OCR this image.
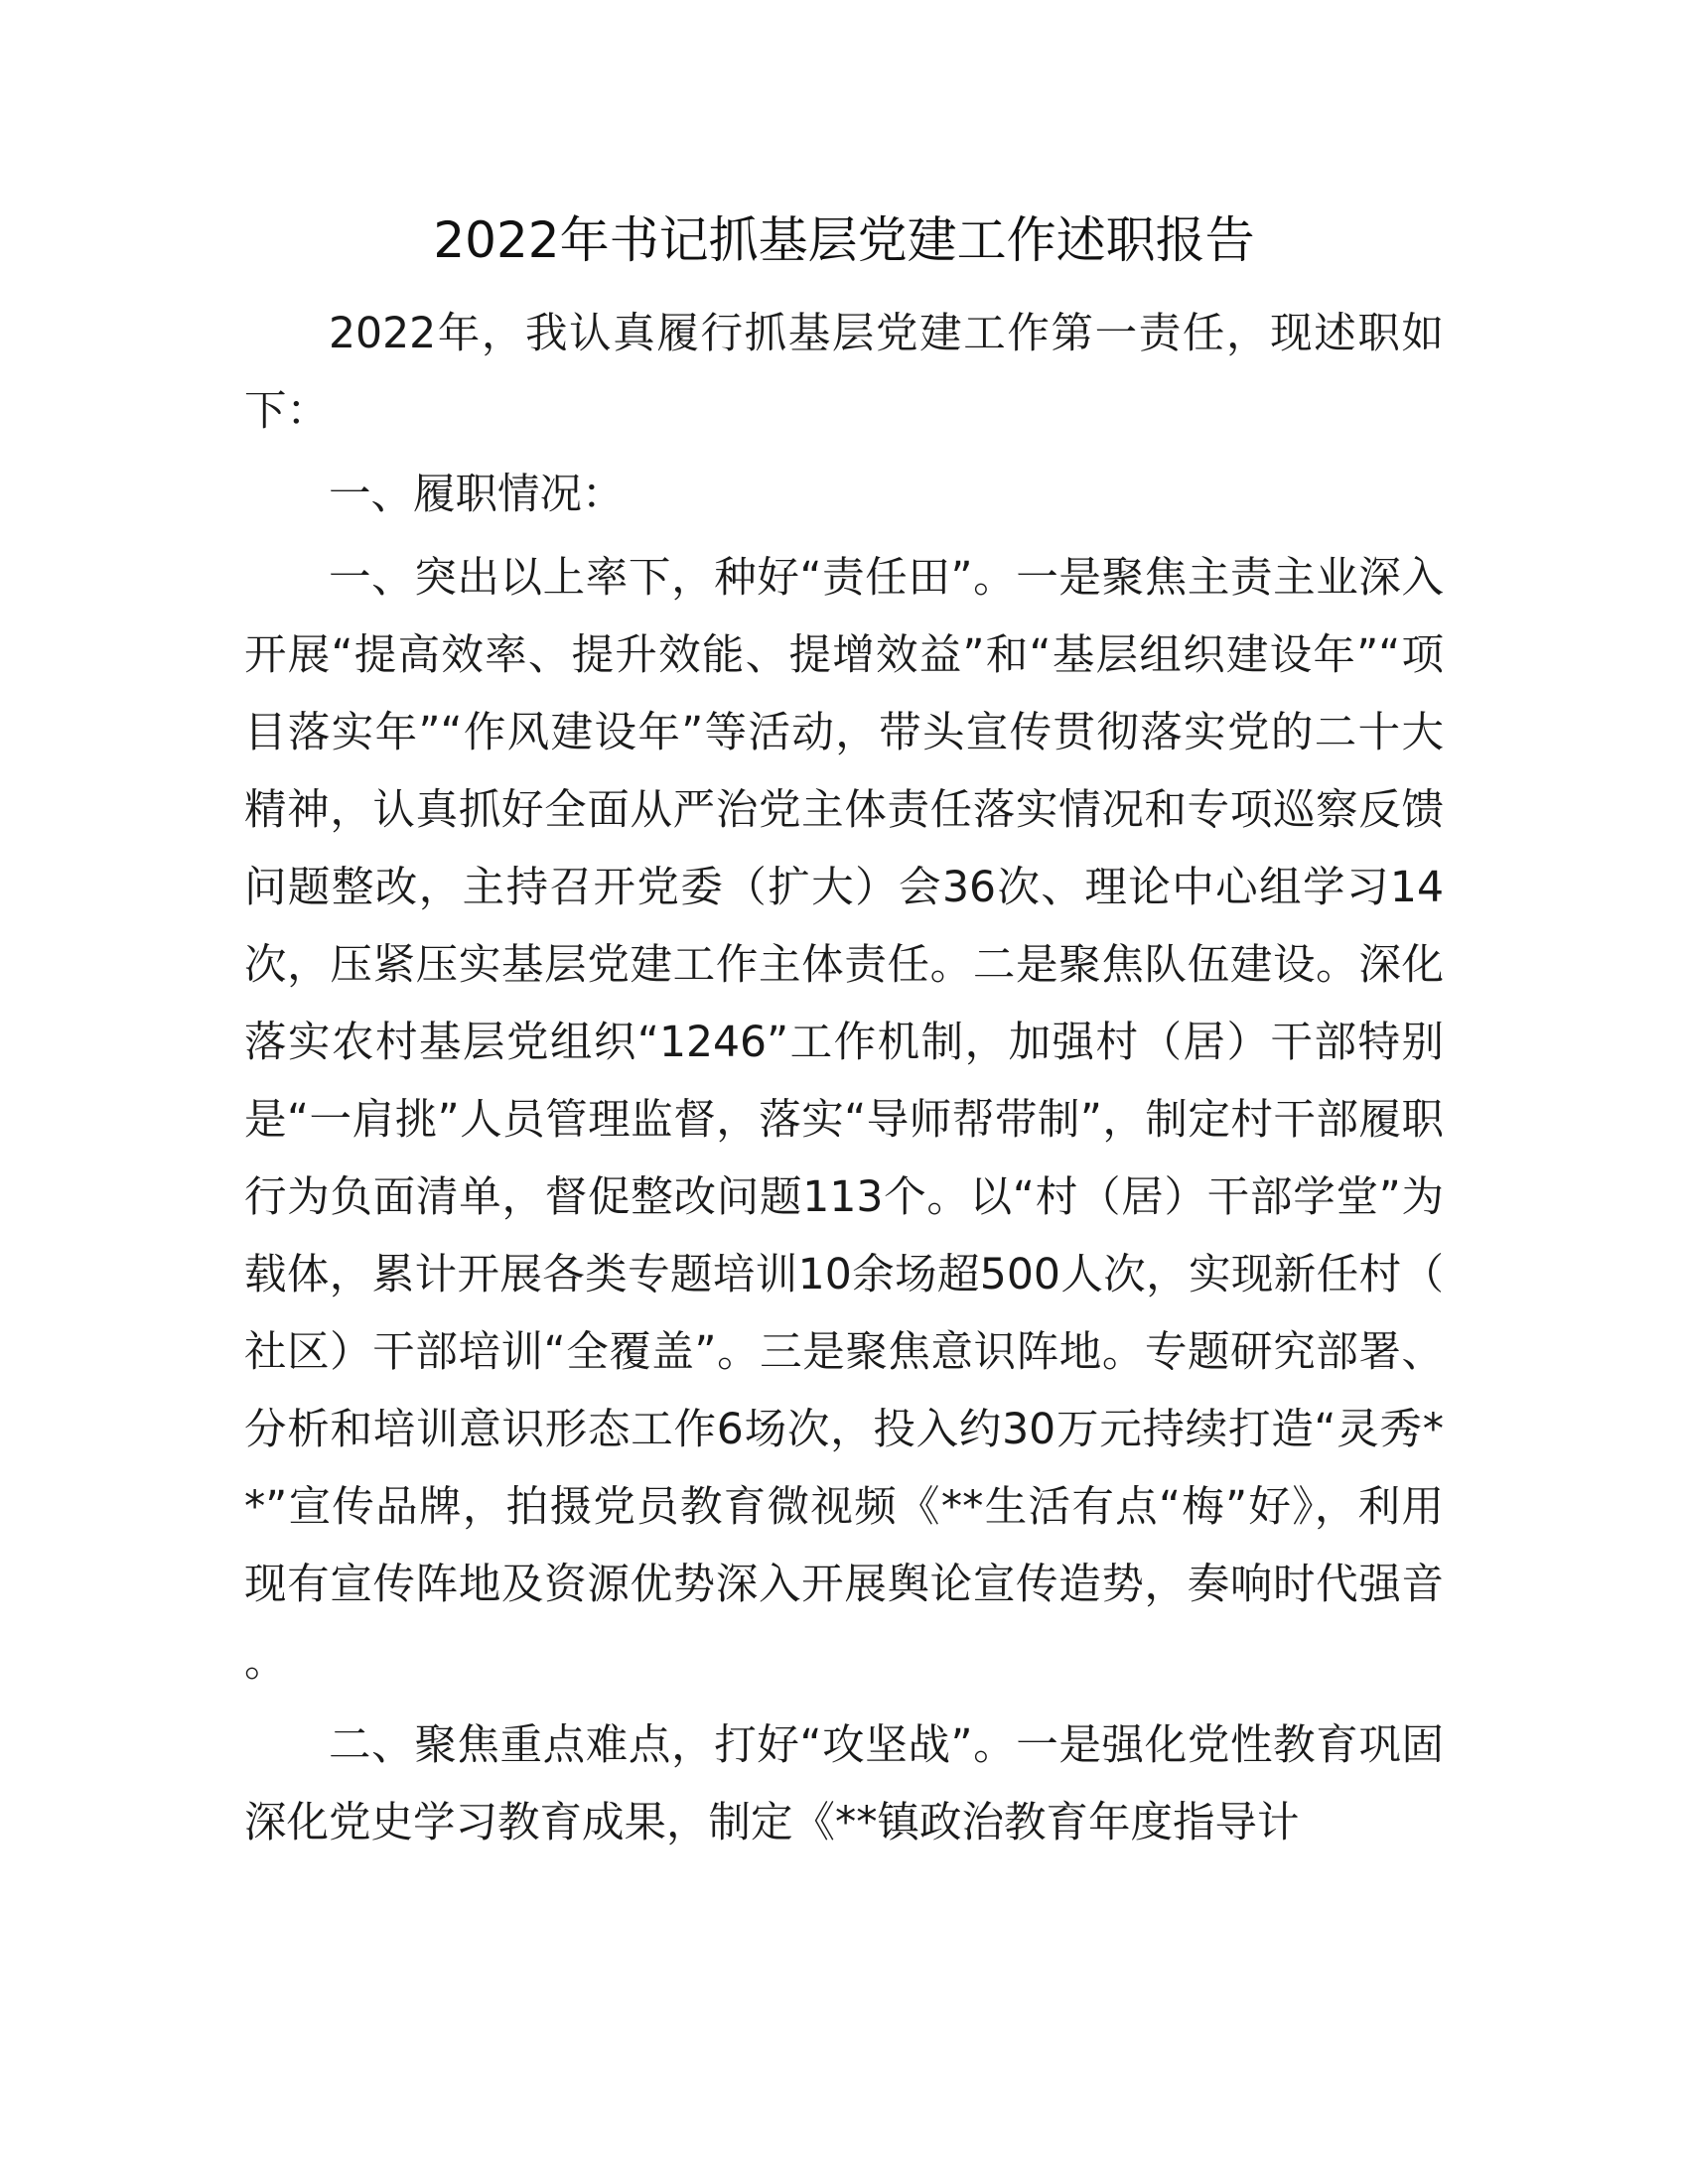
2022年书记抓基层党建工作述职报告

2022年，我认真履行抓基层党建工作第一责任，现述职如下：

一、履职情况：

一、突出以上率下，种好“责任田”。一是聚焦主责主业深入开展“提高效率、提升效能、提增效益”和“基层组织建设年”“项目落实年”“作风建设年”等活动，带头宣传贯彻落实党的二十大精神，认真抓好全面从严治党主体责任落实情况和专项巡察反馈问题整改，主持召开党委（扩大）会36次、理论中心组学习14次，压紧压实基层党建工作主体责任。二是聚焦队伍建设。深化落实农村基层党组织“1246”工作机制，加强村（居）干部特别是“一肩挑”人员管理监督，落实“导师帮带制”，制定村干部履职行为负面清单，督促整改问题113个。以“村（居）干部学堂”为载体，累计开展各类专题培训10余场超500人次，实现新任村（社区）干部培训“全覆盖”。三是聚焦意识阵地。专题研究部署、分析和培训意识形态工作6场次，投入约30万元持续打造“灵秀**”宣传品牌，拍摄党员教育微视频《**生活有点“梅”好》，利用现有宣传阵地及资源优势深入开展舆论宣传造势，奏响时代强音。

二、聚焦重点难点，打好“攻坚战”。一是强化党性教育巩固深化党史学习教育成果，制定《**镇政治教育年度指导计
